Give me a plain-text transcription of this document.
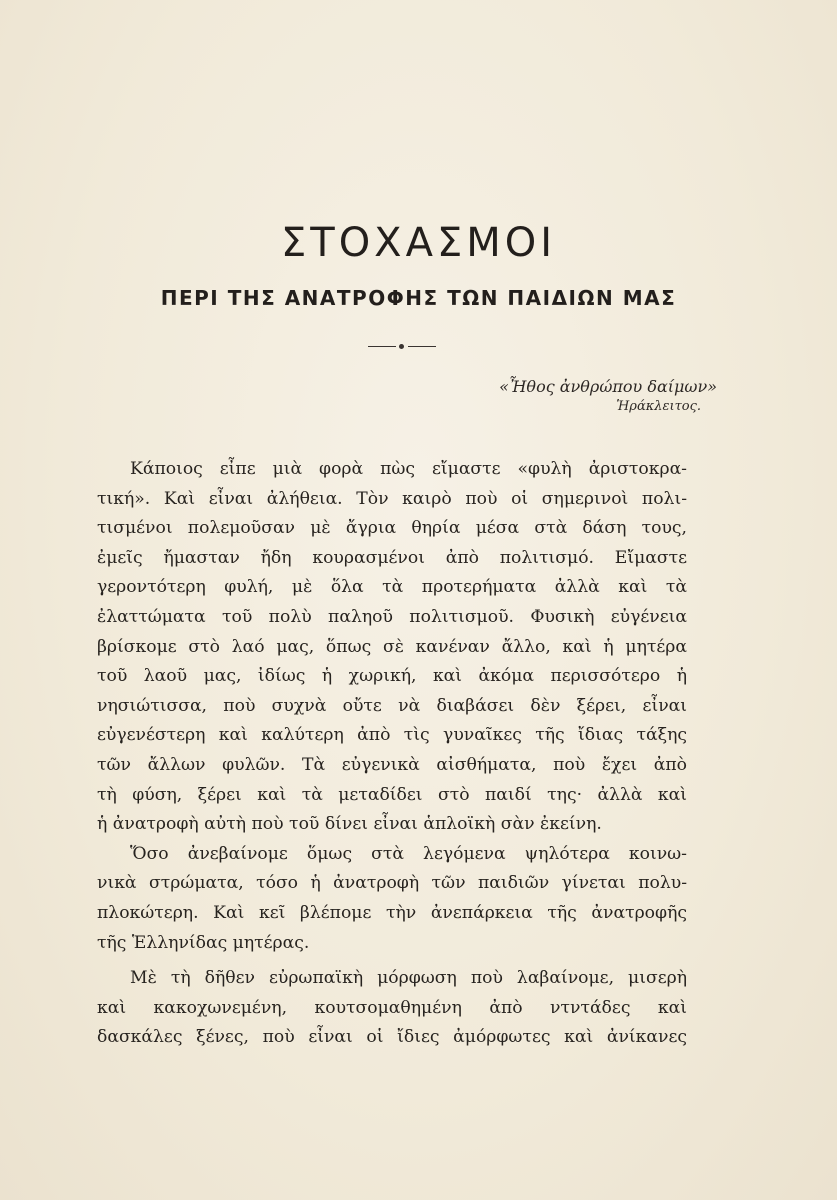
ΣΤΟΧΑΣΜΟΙ
ΠΕΡΙ ΤΗΣ ΑΝΑΤΡΟΦΗΣ ΤΩΝ ΠΑΙΔΙΩΝ ΜΑΣ
«Ἦθος ἀνθρώπου δαίμων»
Ἡράκλειτος.
Κάποιος εἶπε μιὰ φορὰ πὼς εἴμαστε «φυλὴ ἀριστοκρα-
τική». Καὶ εἶναι ἀλήθεια. Τὸν καιρὸ ποὺ οἱ σημερινοὶ πολι-
τισμένοι πολεμοῦσαν μὲ ἄγρια θηρία μέσα στὰ δάση τους,
ἐμεῖς ἤμασταν ἤδη κουρασμένοι ἀπὸ πολιτισμό. Εἴμαστε
γεροντότερη φυλή, μὲ ὅλα τὰ προτερήματα ἀλλὰ καὶ τὰ
ἐλαττώματα τοῦ πολὺ παληοῦ πολιτισμοῦ. Φυσικὴ εὐγένεια
βρίσκομε στὸ λαό μας, ὅπως σὲ κανέναν ἄλλο, καὶ ἡ μητέρα
τοῦ λαοῦ μας, ἰδίως ἡ χωρική, καὶ ἀκόμα περισσότερο ἡ
νησιώτισσα, ποὺ συχνὰ οὔτε νὰ διαβάσει δὲν ξέρει, εἶναι
εὐγενέστερη καὶ καλύτερη ἀπὸ τὶς γυναῖκες τῆς ἴδιας τάξης
τῶν ἄλλων φυλῶν. Τὰ εὐγενικὰ αἰσθήματα, ποὺ ἔχει ἀπὸ
τὴ φύση, ξέρει καὶ τὰ μεταδίδει στὸ παιδί της· ἀλλὰ καὶ
ἡ ἀνατροφὴ αὐτὴ ποὺ τοῦ δίνει εἶναι ἁπλοϊκὴ σὰν ἐκείνη.
Ὅσο ἀνεβαίνομε ὅμως στὰ λεγόμενα ψηλότερα κοινω-
νικὰ στρώματα, τόσο ἡ ἀνατροφὴ τῶν παιδιῶν γίνεται πολυ-
πλοκώτερη. Καὶ κεῖ βλέπομε τὴν ἀνεπάρκεια τῆς ἀνατροφῆς
τῆς Ἑλληνίδας μητέρας.
Μὲ τὴ δῆθεν εὐρωπαϊκὴ μόρφωση ποὺ λαβαίνομε, μισερὴ
καὶ κακοχωνεμένη, κουτσομαθημένη ἀπὸ ντντάδες καὶ
δασκάλες ξένες, ποὺ εἶναι οἱ ἴδιες ἀμόρφωτες καὶ ἀνίκανες
